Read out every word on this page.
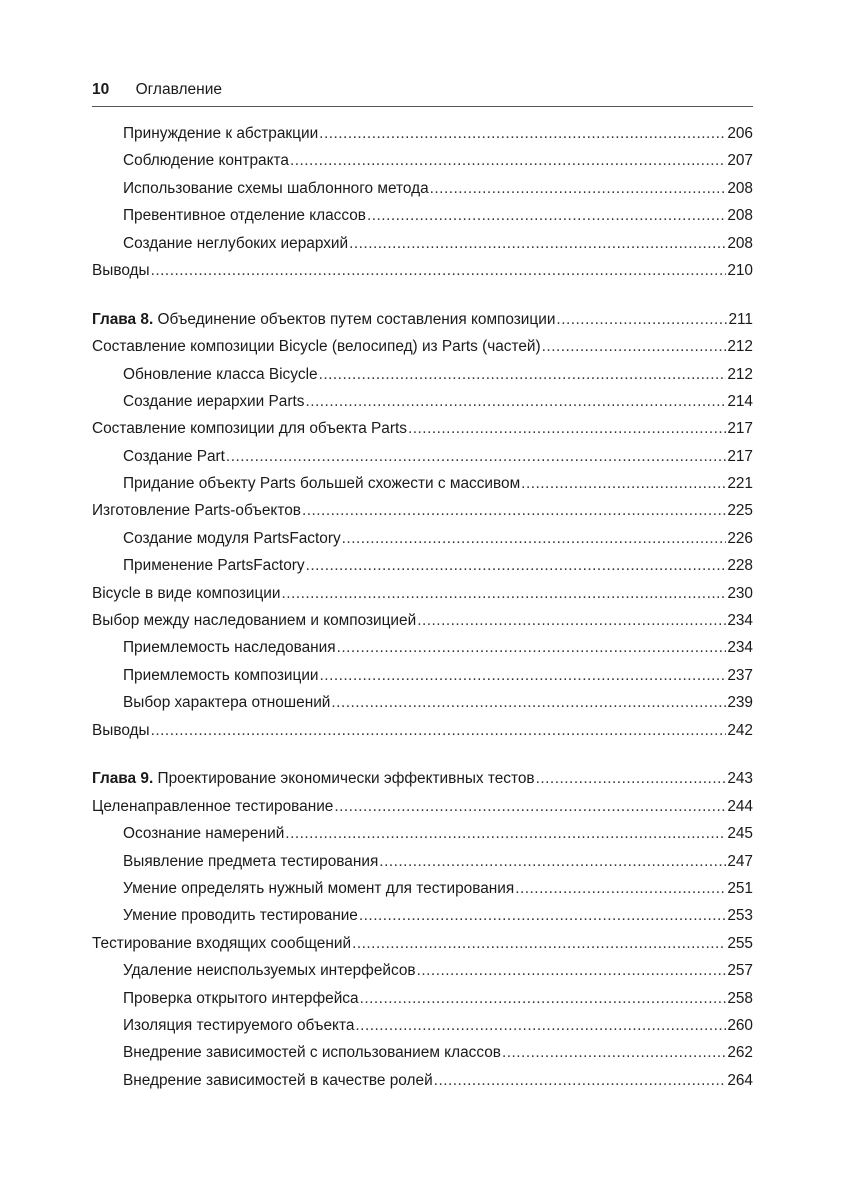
10 Оглавление
Принуждение к абстракции .....	206
Соблюдение контракта .....	207
Использование схемы шаблонного метода .....	208
Превентивное отделение классов .....	208
Создание неглубоких иерархий .....	208
Выводы .....	210
Глава 8. Объединение объектов путем составления композиции .....	211
Составление композиции Bicycle (велосипед) из Parts (частей) .....	212
Обновление класса Bicycle .....	212
Создание иерархии Parts .....	214
Составление композиции для объекта Parts .....	217
Создание Part .....	217
Придание объекту Parts большей схожести с массивом .....	221
Изготовление Parts-объектов .....	225
Создание модуля PartsFactory .....	226
Применение PartsFactory .....	228
Bicycle в виде композиции .....	230
Выбор между наследованием и композицией .....	234
Приемлемость наследования .....	234
Приемлемость композиции .....	237
Выбор характера отношений .....	239
Выводы .....	242
Глава 9. Проектирование экономически эффективных тестов .....	243
Целенаправленное тестирование .....	244
Осознание намерений .....	245
Выявление предмета тестирования .....	247
Умение определять нужный момент для тестирования .....	251
Умение проводить тестирование .....	253
Тестирование входящих сообщений .....	255
Удаление неиспользуемых интерфейсов .....	257
Проверка открытого интерфейса .....	258
Изоляция тестируемого объекта .....	260
Внедрение зависимостей с использованием классов .....	262
Внедрение зависимостей в качестве ролей .....	264
